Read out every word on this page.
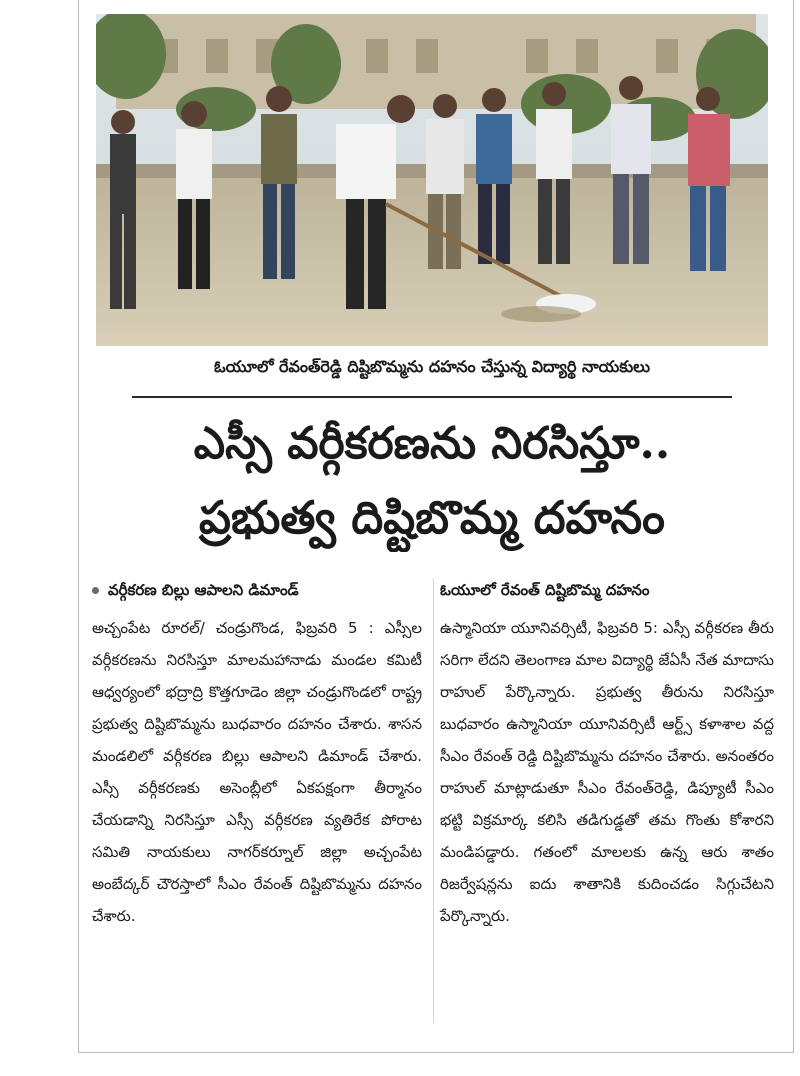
ఓయూలో రేవంత్‌రెడ్డి దిష్టిబొమ్మను దహనం చేస్తున్న విద్యార్థి నాయకులు
ఎస్సీ వర్గీకరణను నిరసిస్తూ..
ప్రభుత్వ దిష్టిబొమ్మ దహనం
వర్గీకరణ బిల్లు ఆపాలని డిమాండ్
అచ్చంపేట రూరల్/ చండ్రుగొండ, ఫిబ్రవరి 5 : ఎస్సీల వర్గీకరణను నిరసిస్తూ మాలమహానాడు మండల కమిటీ ఆధ్వర్యంలో భద్రాద్రి కొత్తగూడెం జిల్లా చండ్రుగొండలో రాష్ట్ర ప్రభుత్వ దిష్టిబొమ్మను బుధవారం దహనం చేశారు. శాసన మండలిలో వర్గీకరణ బిల్లు ఆపాలని డిమాండ్ చేశారు. ఎస్సీ వర్గీకరణకు అసెంబ్లీలో ఏకపక్షంగా తీర్మానం చేయడాన్ని నిరసిస్తూ ఎస్సీ వర్గీకరణ వ్యతిరేక పోరాట సమితి నాయకులు నాగర్‌కర్నూల్ జిల్లా అచ్చంపేట అంబేద్కర్ చౌరస్తాలో సీఎం రేవంత్ దిష్టిబొమ్మను దహనం చేశారు.
ఓయూలో రేవంత్ దిష్టిబొమ్మ దహనం
ఉస్మానియా యూనివర్సిటీ, ఫిబ్రవరి 5: ఎస్సీ వర్గీకరణ తీరు సరిగా లేదని తెలంగాణ మాల విద్యార్థి జేఏసీ నేత మాదాసు రాహుల్ పేర్కొన్నారు. ప్రభుత్వ తీరును నిరసిస్తూ బుధవారం ఉస్మానియా యూనివర్సిటీ ఆర్ట్స్ కళాశాల వద్ద సీఎం రేవంత్ రెడ్డి దిష్టిబొమ్మను దహనం చేశారు. అనంతరం రాహుల్ మాట్లాడుతూ సీఎం రేవంత్‌రెడ్డి, డిప్యూటీ సీఎం భట్టి విక్రమార్క కలిసి తడిగుడ్డతో తమ గొంతు కోశారని మండిపడ్డారు. గతంలో మాలలకు ఉన్న ఆరు శాతం రిజర్వేషన్లను ఐదు శాతానికి కుదించడం సిగ్గుచేటని పేర్కొన్నారు.
